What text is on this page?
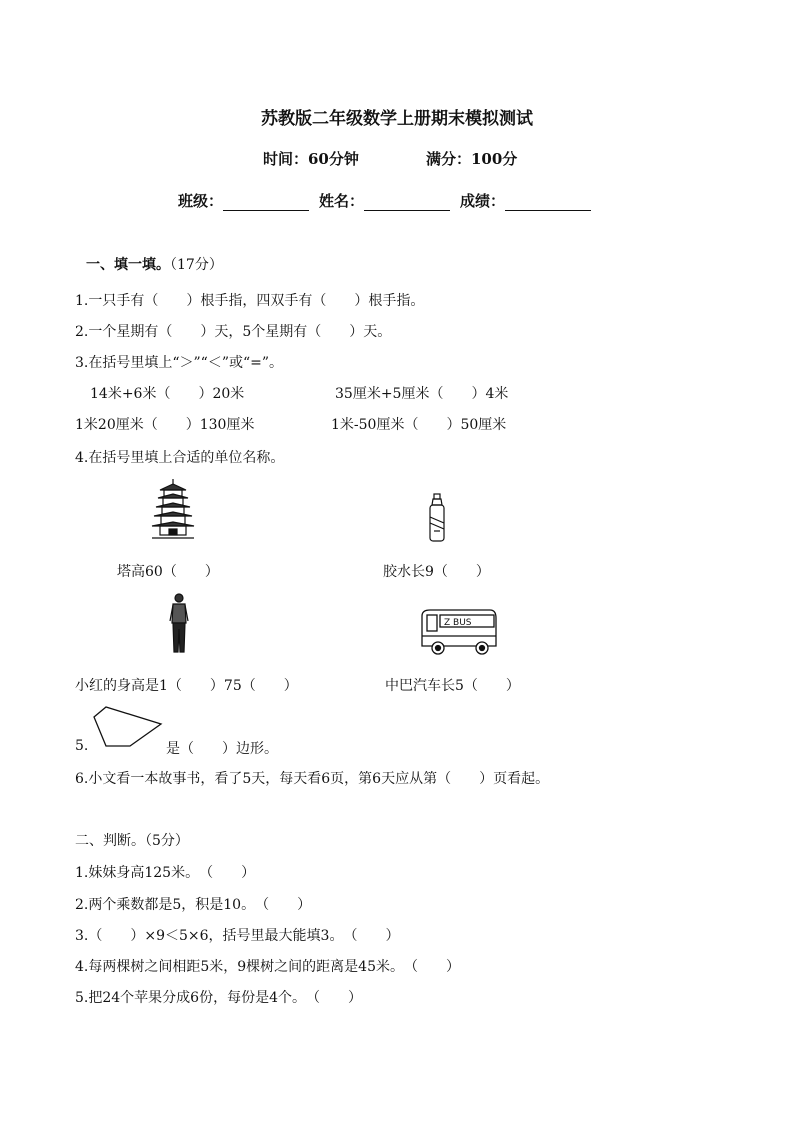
苏教版二年级数学上册期末模拟测试
时间：60分钟	满分：100分
班级：	姓名：	成绩：
一、填一填。（17分）
1.一只手有（　　）根手指，四双手有（　　）根手指。
2.一个星期有（　　）天，5个星期有（　　）天。
3.在括号里填上“＞”“＜”或“=”。
14米+6米（　　）20米	35厘米+5厘米（　　）4米
1米20厘米（　　）130厘米	1米-50厘米（　　）50厘米
4.在括号里填上合适的单位名称。
塔高60（　　）	胶水长9（　　）
Z BUS
小红的身高是1（　　）75（　　）	中巴汽车长5（　　）
5.	是（　　）边形。
6.小文看一本故事书，看了5天，每天看6页，第6天应从第（　　）页看起。
二、判断。（5分）
1.妹妹身高125米。　（　　）
2.两个乘数都是5，积是10。　（　　）
3.（　　）×9＜5×6，括号里最大能填3。　（　　）
4.每两棵树之间相距5米，9棵树之间的距离是45米。　（　　）
5.把24个苹果分成6份，每份是4个。　（　　）
